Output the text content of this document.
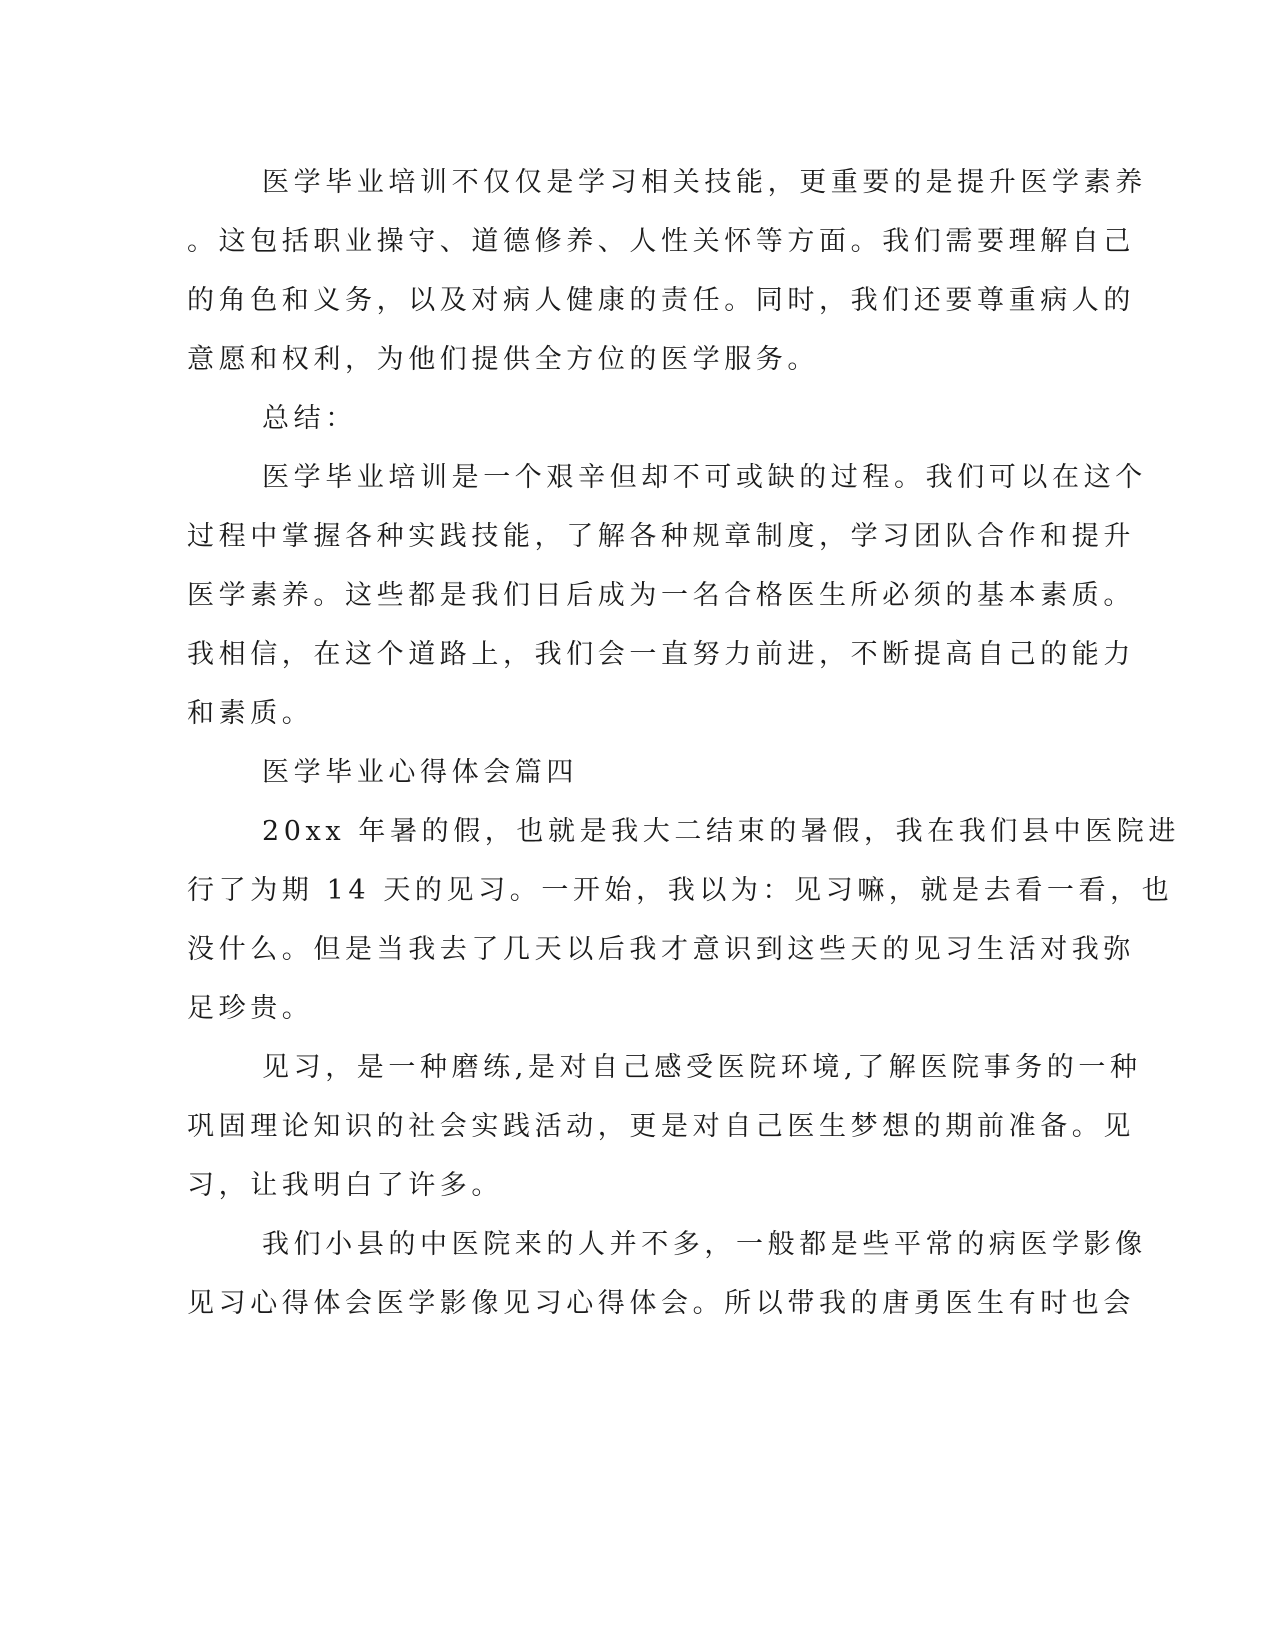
医学毕业培训不仅仅是学习相关技能，更重要的是提升医学素养
。这包括职业操守、道德修养、人性关怀等方面。我们需要理解自己
的角色和义务，以及对病人健康的责任。同时，我们还要尊重病人的
意愿和权利，为他们提供全方位的医学服务。
总结：
医学毕业培训是一个艰辛但却不可或缺的过程。我们可以在这个
过程中掌握各种实践技能，了解各种规章制度，学习团队合作和提升
医学素养。这些都是我们日后成为一名合格医生所必须的基本素质。
我相信，在这个道路上，我们会一直努力前进，不断提高自己的能力
和素质。
医学毕业心得体会篇四
20xx 年暑的假，也就是我大二结束的暑假，我在我们县中医院进
行了为期 14 天的见习。一开始，我以为：见习嘛，就是去看一看，也
没什么。但是当我去了几天以后我才意识到这些天的见习生活对我弥
足珍贵。
见习，是一种磨练,是对自己感受医院环境,了解医院事务的一种
巩固理论知识的社会实践活动，更是对自己医生梦想的期前准备。见
习，让我明白了许多。
我们小县的中医院来的人并不多，一般都是些平常的病医学影像
见习心得体会医学影像见习心得体会。所以带我的唐勇医生有时也会
